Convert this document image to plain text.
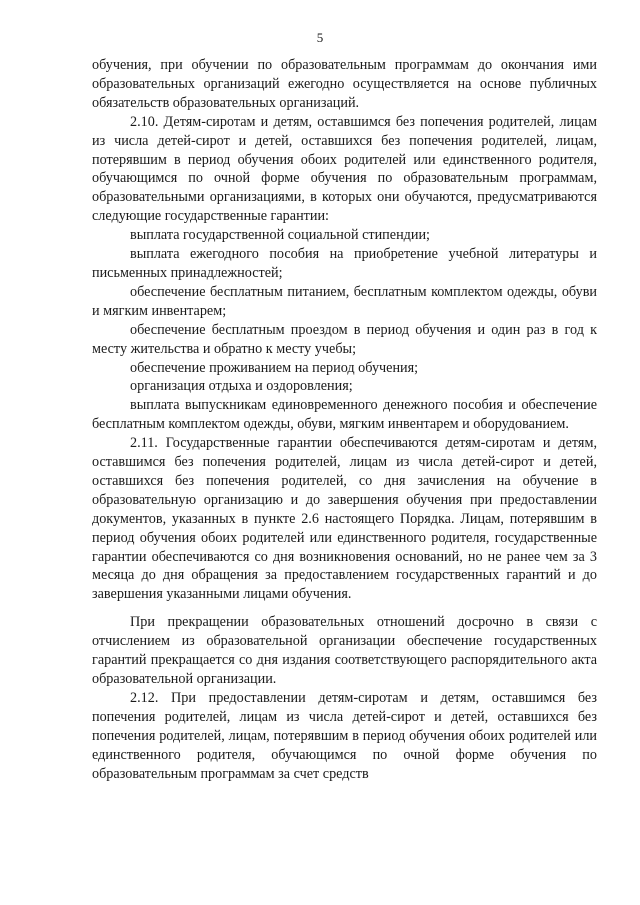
5

обучения, при обучении по образовательным программам до окончания ими образовательных организаций ежегодно осуществляется на основе публичных обязательств образовательных организаций.

2.10. Детям-сиротам и детям, оставшимся без попечения родителей, лицам из числа детей-сирот и детей, оставшихся без попечения родителей, лицам, потерявшим в период обучения обоих родителей или единственного родителя, обучающимся по очной форме обучения по образовательным программам, образовательными организациями, в которых они обучаются, предусматриваются следующие государственные гарантии:

выплата государственной социальной стипендии;

выплата ежегодного пособия на приобретение учебной литературы и письменных принадлежностей;

обеспечение бесплатным питанием, бесплатным комплектом одежды, обуви и мягким инвентарем;

обеспечение бесплатным проездом в период обучения и один раз в год к месту жительства и обратно к месту учебы;

обеспечение проживанием на период обучения;

организация отдыха и оздоровления;

выплата выпускникам единовременного денежного пособия и обеспечение бесплатным комплектом одежды, обуви, мягким инвентарем и оборудованием.

2.11. Государственные гарантии обеспечиваются детям-сиротам и детям, оставшимся без попечения родителей, лицам из числа детей-сирот и детей, оставшихся без попечения родителей, со дня зачисления на обучение в образовательную организацию и до завершения обучения при предоставлении документов, указанных в пункте 2.6 настоящего Порядка. Лицам, потерявшим в период обучения обоих родителей или единственного родителя, государственные гарантии обеспечиваются со дня возникновения оснований, но не ранее чем за 3 месяца до дня обращения за предоставлением государственных гарантий и до завершения указанными лицами обучения.

При прекращении образовательных отношений досрочно в связи с отчислением из образовательной организации обеспечение государственных гарантий прекращается со дня издания соответствующего распорядительного акта образовательной организации.

2.12. При предоставлении детям-сиротам и детям, оставшимся без попечения родителей, лицам из числа детей-сирот и детей, оставшихся без попечения родителей, лицам, потерявшим в период обучения обоих родителей или единственного родителя, обучающимся по очной форме обучения по образовательным программам за счет средств
